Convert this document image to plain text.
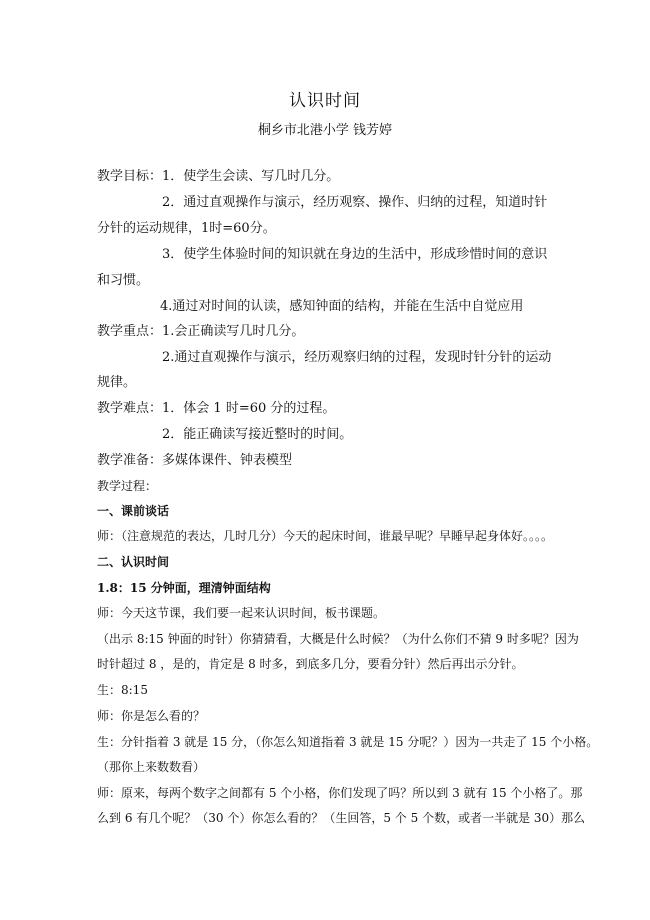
认识时间
桐乡市北港小学 钱芳婷
教学目标：1．使学生会读、写几时几分。
2．通过直观操作与演示，经历观察、操作、归纳的过程，知道时针
分针的运动规律，1时=60分。
3．使学生体验时间的知识就在身边的生活中，形成珍惜时间的意识
和习惯。
4.通过对时间的认读，感知钟面的结构，并能在生活中自觉应用
教学重点：1.会正确读写几时几分。
2.通过直观操作与演示，经历观察归纳的过程，发现时针分针的运动
规律。
教学难点：1．体会 1 时=60 分的过程。
2．能正确读写接近整时的时间。
教学准备：多媒体课件、钟表模型
教学过程：
一、课前谈话
师：（注意规范的表达，几时几分）今天的起床时间，谁最早呢？早睡早起身体好。。。。
二、认识时间
1.8：15 分钟面，理清钟面结构
师：今天这节课，我们要一起来认识时间，板书课题。
（出示 8:15 钟面的时针）你猜猜看，大概是什么时候？（为什么你们不猜 9 时多呢？因为
时针超过 8 ，是的，肯定是 8 时多，到底多几分，要看分针）然后再出示分针。
生：8:15
师：你是怎么看的？
生：分针指着 3 就是 15 分，（你怎么知道指着 3 就是 15 分呢？）因为一共走了 15 个小格。
（那你上来数数看）
师：原来，每两个数字之间都有 5 个小格，你们发现了吗？所以到 3 就有 15 个小格了。那
么到 6 有几个呢？（30 个）你怎么看的？（生回答，5 个 5 个数，或者一半就是 30）那么
